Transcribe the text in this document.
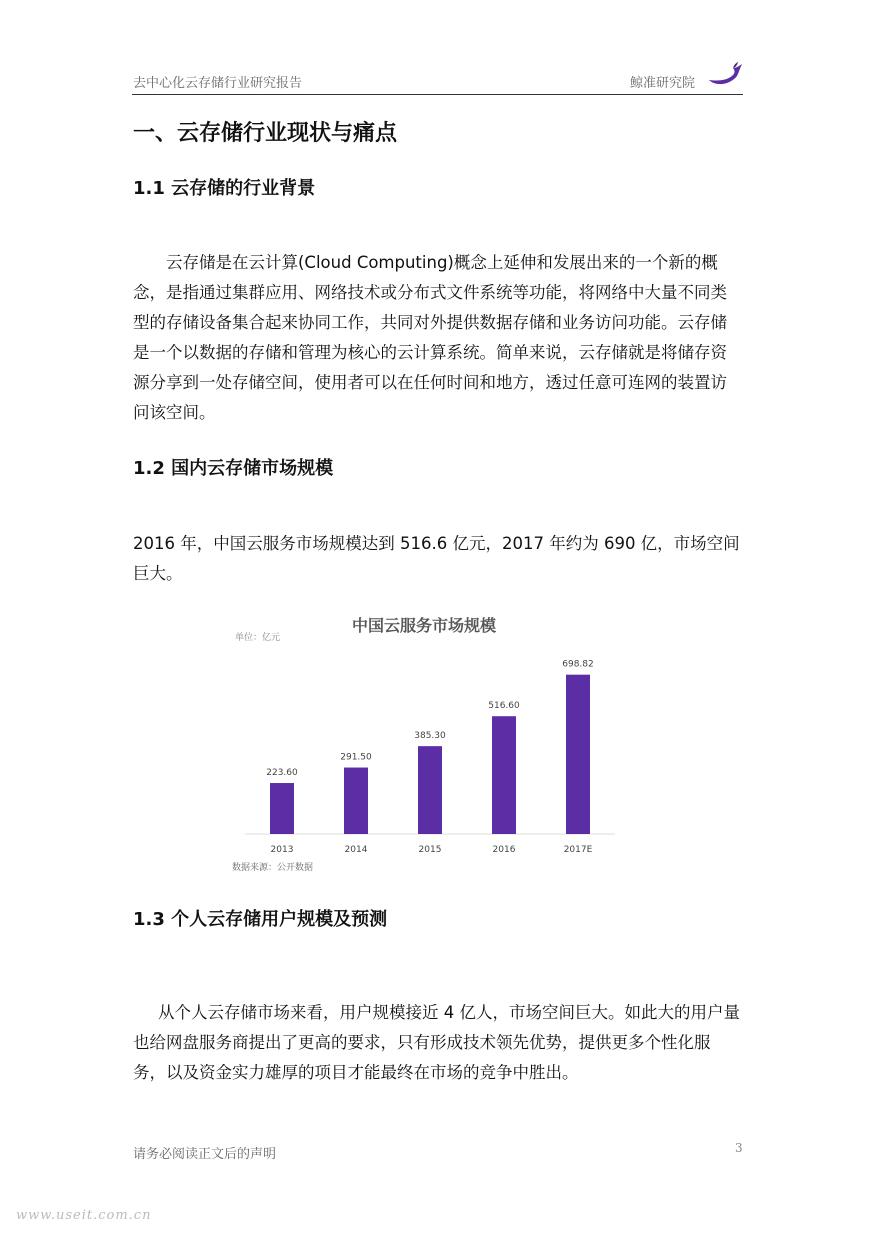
去中心化云存储行业研究报告	鲸准研究院
一、云存储行业现状与痛点
1.1 云存储的行业背景

云存储是在云计算(Cloud Computing)概念上延伸和发展出来的一个新的概念，是指通过集群应用、网络技术或分布式文件系统等功能，将网络中大量不同类型的存储设备集合起来协同工作，共同对外提供数据存储和业务访问功能。云存储是一个以数据的存储和管理为核心的云计算系统。简单来说，云存储就是将储存资源分享到一处存储空间，使用者可以在任何时间和地方，透过任意可连网的装置访问该空间。

1.2 国内云存储市场规模

2016 年，中国云服务市场规模达到 516.6 亿元，2017 年约为 690 亿，市场空间巨大。

中国云服务市场规模
单位：亿元
223.60
2013
291.50
2014
385.30
2015
516.60
2016
698.82
2017E
数据来源：公开数据
1.3 个人云存储用户规模及预测

从个人云存储市场来看，用户规模接近 4 亿人，市场空间巨大。如此大的用户量也给网盘服务商提出了更高的要求，只有形成技术领先优势，提供更多个性化服务，以及资金实力雄厚的项目才能最终在市场的竞争中胜出。

请务必阅读正文后的声明	3
www.useit.com.cn
